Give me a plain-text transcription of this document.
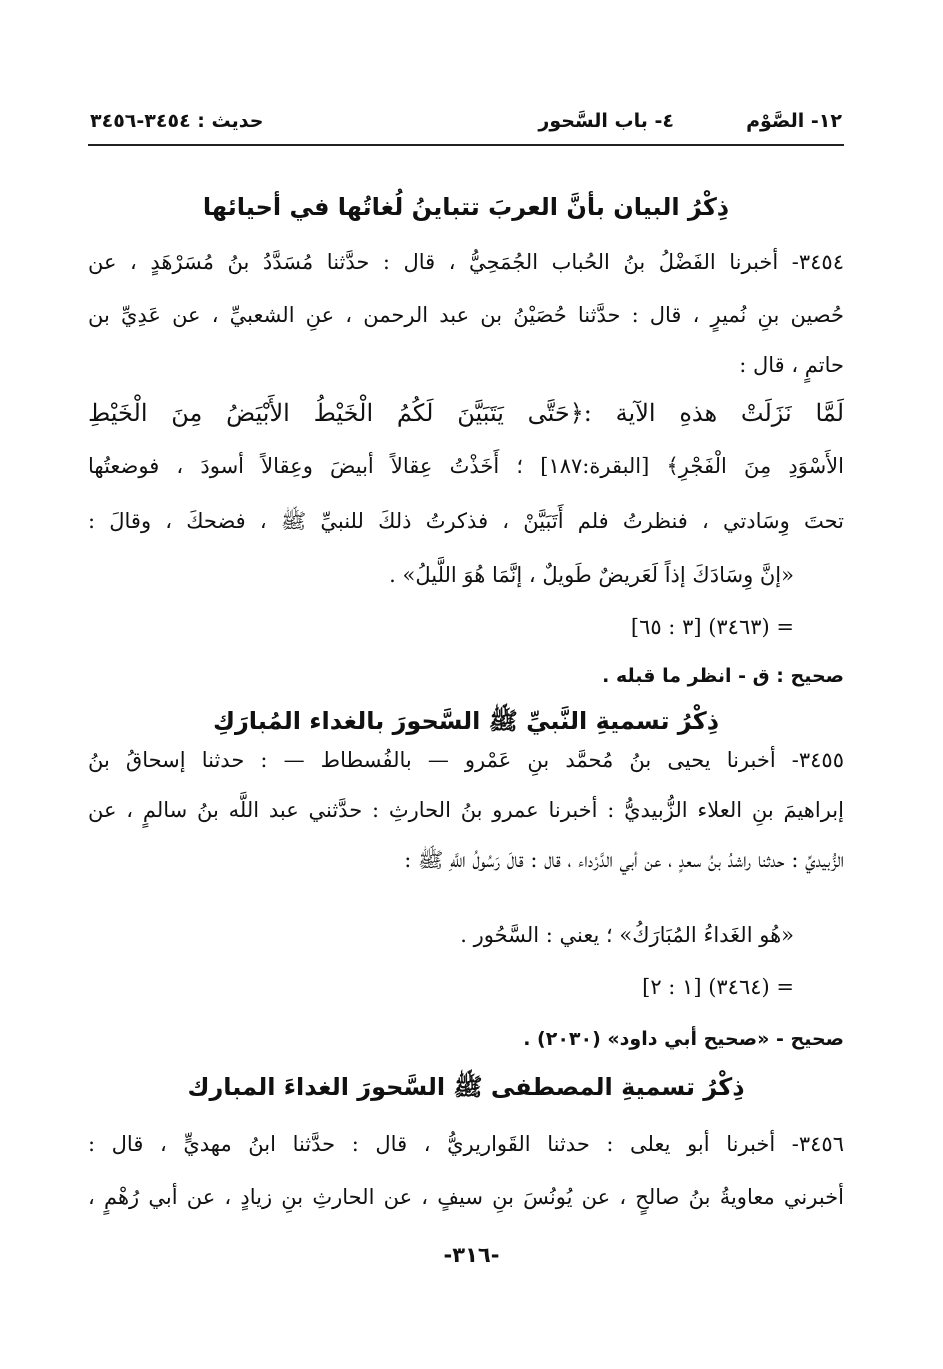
١٢- الصَّوْم
٤- باب السَّحور
حديث : ٣٤٥٤-٣٤٥٦
ذِكْرُ البيان بأنَّ العربَ تتباينُ لُغاتُها في أحيائها
٣٤٥٤- أخبرنا الفَضْلُ بنُ الحُباب الجُمَحِيُّ ، قال : حدَّثنا مُسَدَّدُ بنُ مُسَرْهَدٍ ، عن
حُصين بنِ نُميرٍ ، قال : حدَّثنا حُصَيْنُ بن عبد الرحمن ، عنِ الشعبيِّ ، عن عَدِيِّ بن
حاتمٍ ، قال :
لَمَّا نَزَلَتْ هذهِ الآية :﴿حَتَّى يَتَبَيَّنَ لَكُمُ الْخَيْطُ الأَبْيَضُ مِنَ الْخَيْطِ
الأَسْوَدِ مِنَ الْفَجْرِ﴾ [البقرة:١٨٧] ؛ أَخَذْتُ عِقالاً أبيضَ وعِقالاً أسودَ ، فوضعتُها
تحتَ وِسَادتي ، فنظرتُ فلم أَتَبَيَّنْ ، فذكرتُ ذلكَ للنبيِّ ﷺ ، فضحكَ ، وقالَ :
«إنَّ وِسَادَكَ إذاً لَعَريضٌ طَويلٌ ، إنَّمَا هُوَ اللَّيلُ» .
= (٣٤٦٣) [٣ : ٦٥]
صحيح : ق - انظر ما قبله .
ذِكْرُ تسميةِ النَّبيِّ ﷺ السَّحورَ بالغداء المُبارَكِ
٣٤٥٥- أخبرنا يحيى بنُ مُحمَّد بنِ عَمْرو — بالفُسطاط — : حدثنا إسحاقُ بنُ
إبراهيمَ بنِ العلاء الزُّبيديُّ : أخبرنا عمرو بنُ الحارثِ : حدَّثني عبد اللَّه بنُ سالمٍ ، عن
الزُّبيديِّ : حدثنا راشدُ بنُ سعدٍ ، عن أبي الدَّرْداء ، قال : قالَ رَسُولُ اللَّهِ ﷺ :
«هُو الغَداءُ المُبَارَكُ» ؛ يعني : السَّحُور .
= (٣٤٦٤) [١ : ٢]
صحيح - «صحيح أبي داود» (٢٠٣٠) .
ذِكْرُ تسميةِ المصطفى ﷺ السَّحورَ الغداءَ المبارك
٣٤٥٦- أخبرنا أبو يعلى : حدثنا القَواريريُّ ، قال : حدَّثنا ابنُ مهديٍّ ، قال :
أخبرني معاويةُ بنُ صالحٍ ، عن يُونُسَ بنِ سيفٍ ، عن الحارثِ بنِ زيادٍ ، عن أبي رُهْمٍ ،
-٣١٦-
